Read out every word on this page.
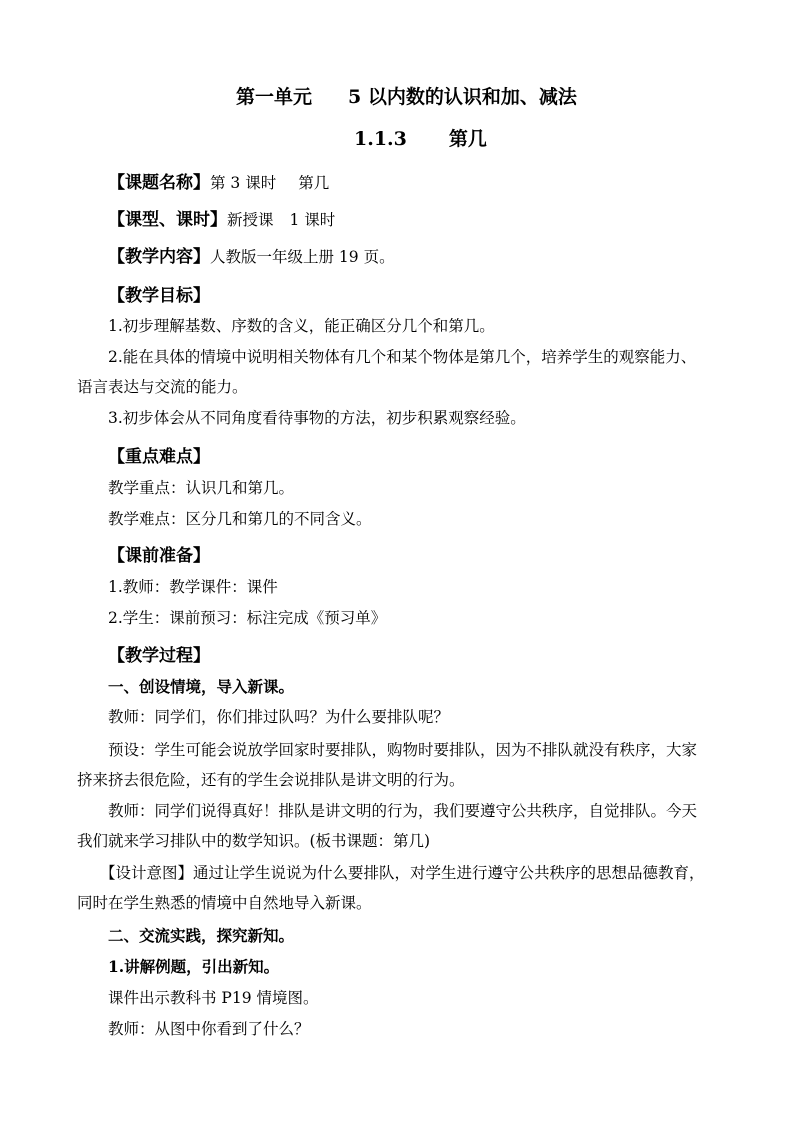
第一单元 5 以内数的认识和加、减法
1.1.3 第几
【课题名称】第 3 课时 第几
【课型、课时】新授课 1 课时
【教学内容】人教版一年级上册 19 页。
【教学目标】
1.初步理解基数、序数的含义，能正确区分几个和第几。
2.能在具体的情境中说明相关物体有几个和某个物体是第几个，培养学生的观察能力、
语言表达与交流的能力。
3.初步体会从不同角度看待事物的方法，初步积累观察经验。
【重点难点】
教学重点：认识几和第几。
教学难点：区分几和第几的不同含义。
【课前准备】
1.教师：教学课件：课件
2.学生：课前预习：标注完成《预习单》
【教学过程】
一、创设情境，导入新课。
教师：同学们，你们排过队吗？为什么要排队呢？
预设：学生可能会说放学回家时要排队，购物时要排队，因为不排队就没有秩序，大家
挤来挤去很危险，还有的学生会说排队是讲文明的行为。
教师：同学们说得真好！排队是讲文明的行为，我们要遵守公共秩序，自觉排队。今天
我们就来学习排队中的数学知识。(板书课题：第几)
【设计意图】通过让学生说说为什么要排队，对学生进行遵守公共秩序的思想品德教育，
同时在学生熟悉的情境中自然地导入新课。
二、交流实践，探究新知。
1.讲解例题，引出新知。
课件出示教科书 P19 情境图。
教师：从图中你看到了什么？
